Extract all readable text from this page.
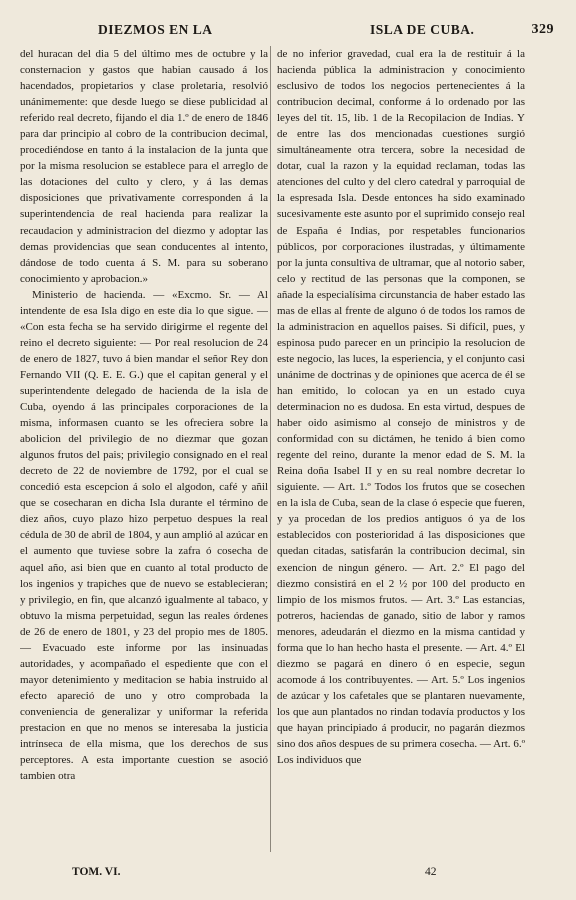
DIEZMOS EN LA	ISLA DE CUBA.	329

del huracan del dia 5 del último mes de octubre y la consternacion y gastos que habian causado á los hacendados, propietarios y clase proletaria, resolvió unánimemente: que desde luego se diese publicidad al referido real decreto, fijando el dia 1.º de enero de 1846 para dar principio al cobro de la contribucion decimal, procediéndose en tanto á la instalacion de la junta que por la misma resolucion se establece para el arreglo de las dotaciones del culto y clero, y á las demas disposiciones que privativamente corresponden á la superintendencia de real hacienda para realizar la recaudacion y administracion del diezmo y adoptar las demas providencias que sean conducentes al intento, dándose de todo cuenta á S. M. para su soberano conocimiento y aprobacion.»

Ministerio de hacienda. — «Excmo. Sr. — Al intendente de esa Isla digo en este dia lo que sigue. — «Con esta fecha se ha servido dirigirme el regente del reino el decreto siguiente: — Por real resolucion de 24 de enero de 1827, tuvo á bien mandar el señor Rey don Fernando VII (Q. E. E. G.) que el capitan general y el superintendente delegado de hacienda de la isla de Cuba, oyendo á las principales corporaciones de la misma, informasen cuanto se les ofreciera sobre la abolicion del privilegio de no diezmar que gozan algunos frutos del pais; privilegio consignado en el real decreto de 22 de noviembre de 1792, por el cual se concedió esta escepcion á solo el algodon, café y añil que se cosecharan en dicha Isla durante el término de diez años, cuyo plazo hizo perpetuo despues la real cédula de 30 de abril de 1804, y aun amplió al azúcar en el aumento que tuviese sobre la zafra ó cosecha de aquel año, asi bien que en cuanto al total producto de los ingenios y trapiches que de nuevo se establecieran; y privilegio, en fin, que alcanzó igualmente al tabaco, y obtuvo la misma perpetuidad, segun las reales órdenes de 26 de enero de 1801, y 23 del propio mes de 1805. — Evacuado este informe por las insinuadas autoridades, y acompañado el espediente que con el mayor detenimiento y meditacion se habia instruido al efecto apareció de uno y otro comprobada la conveniencia de generalizar y uniformar la referida prestacion en que no menos se interesaba la justicia intrínseca de ella misma, que los derechos de sus perceptores. A esta importante cuestion se asoció tambien otra

de no inferior gravedad, cual era la de restituir á la hacienda pública la administracion y conocimiento esclusivo de todos los negocios pertenecientes á la contribucion decimal, conforme á lo ordenado por las leyes del tít. 15, lib. 1 de la Recopilacion de Indias. Y de entre las dos mencionadas cuestiones surgió simultáneamente otra tercera, sobre la necesidad de dotar, cual la razon y la equidad reclaman, todas las atenciones del culto y del clero catedral y parroquial de la espresada Isla. Desde entonces ha sido examinado sucesivamente este asunto por el suprimido consejo real de España é Indias, por respetables funcionarios públicos, por corporaciones ilustradas, y últimamente por la junta consultiva de ultramar, que al notorio saber, celo y rectitud de las personas que la componen, se añade la especialísima circunstancia de haber estado las mas de ellas al frente de alguno ó de todos los ramos de la administracion en aquellos paises. Si difícil, pues, y espinosa pudo parecer en un principio la resolucion de este negocio, las luces, la esperiencia, y el conjunto casi unánime de doctrinas y de opiniones que acerca de él se han emitido, lo colocan ya en un estado cuya determinacion no es dudosa. En esta virtud, despues de haber oido asimismo al consejo de ministros y de conformidad con su dictámen, he tenido á bien como regente del reino, durante la menor edad de S. M. la Reina doña Isabel II y en su real nombre decretar lo siguiente. — Art. 1.º Todos los frutos que se cosechen en la isla de Cuba, sean de la clase ó especie que fueren, y ya procedan de los predios antiguos ó ya de los establecidos con posterioridad á las disposiciones que quedan citadas, satisfarán la contribucion decimal, sin exencion de ningun género. — Art. 2.º El pago del diezmo consistirá en el 2 ½ por 100 del producto en limpio de los mismos frutos. — Art. 3.º Las estancias, potreros, haciendas de ganado, sitio de labor y ramos menores, adeudarán el diezmo en la misma cantidad y forma que lo han hecho hasta el presente. — Art. 4.º El diezmo se pagará en dinero ó en especie, segun acomode á los contribuyentes. — Art. 5.º Los ingenios de azúcar y los cafetales que se plantaren nuevamente, los que aun plantados no rindan todavía productos y los que hayan principiado á producir, no pagarán diezmos sino dos años despues de su primera cosecha. — Art. 6.º Los individuos que

TOM. VI.	42
